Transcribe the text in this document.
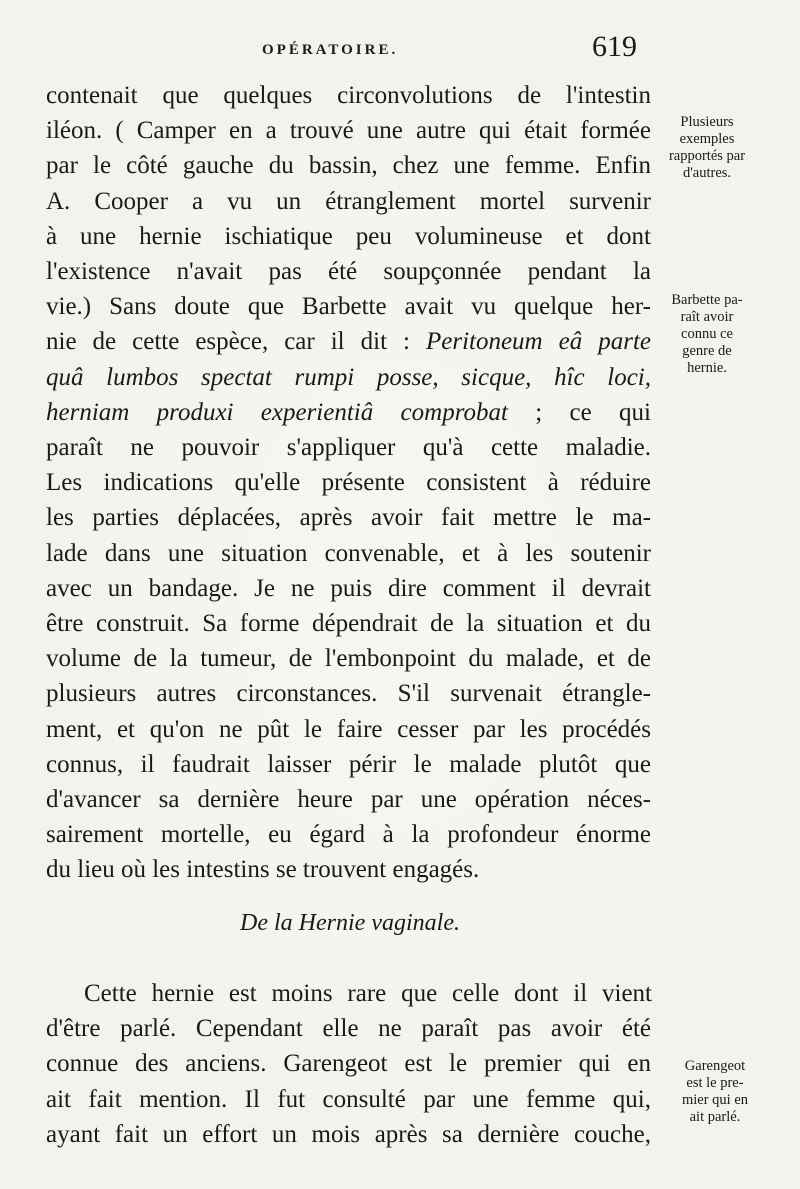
OPÉRATOIRE.	619
contenait que quelques circonvolutions de l'intestin
iléon. ( Camper en a trouvé une autre qui était formée
par le côté gauche du bassin, chez une femme. Enfin
A. Cooper a vu un étranglement mortel survenir
à une hernie ischiatique peu volumineuse et dont
l'existence n'avait pas été soupçonnée pendant la
vie.) Sans doute que Barbette avait vu quelque her-
nie de cette espèce, car il dit : Peritoneum eâ parte
quâ lumbos spectat rumpi posse, sicque, hîc loci,
herniam produxi experientiâ comprobat ; ce qui
paraît ne pouvoir s'appliquer qu'à cette maladie.
Les indications qu'elle présente consistent à réduire
les parties déplacées, après avoir fait mettre le ma-
lade dans une situation convenable, et à les soutenir
avec un bandage. Je ne puis dire comment il devrait
être construit. Sa forme dépendrait de la situation et du
volume de la tumeur, de l'embonpoint du malade, et de
plusieurs autres circonstances. S'il survenait étrangle-
ment, et qu'on ne pût le faire cesser par les procédés
connus, il faudrait laisser périr le malade plutôt que
d'avancer sa dernière heure par une opération néces-
sairement mortelle, eu égard à la profondeur énorme
du lieu où les intestins se trouvent engagés.
De la Hernie vaginale.
Cette hernie est moins rare que celle dont il vient
d'être parlé. Cependant elle ne paraît pas avoir été
connue des anciens. Garengeot est le premier qui en
ait fait mention. Il fut consulté par une femme qui,
ayant fait un effort un mois après sa dernière couche,
Plusieurs
exemples
rapportés par
d'autres.
Barbette pa-
raît avoir
connu ce
genre de
hernie.
Garengeot
est le pre-
mier qui en
ait parlé.
